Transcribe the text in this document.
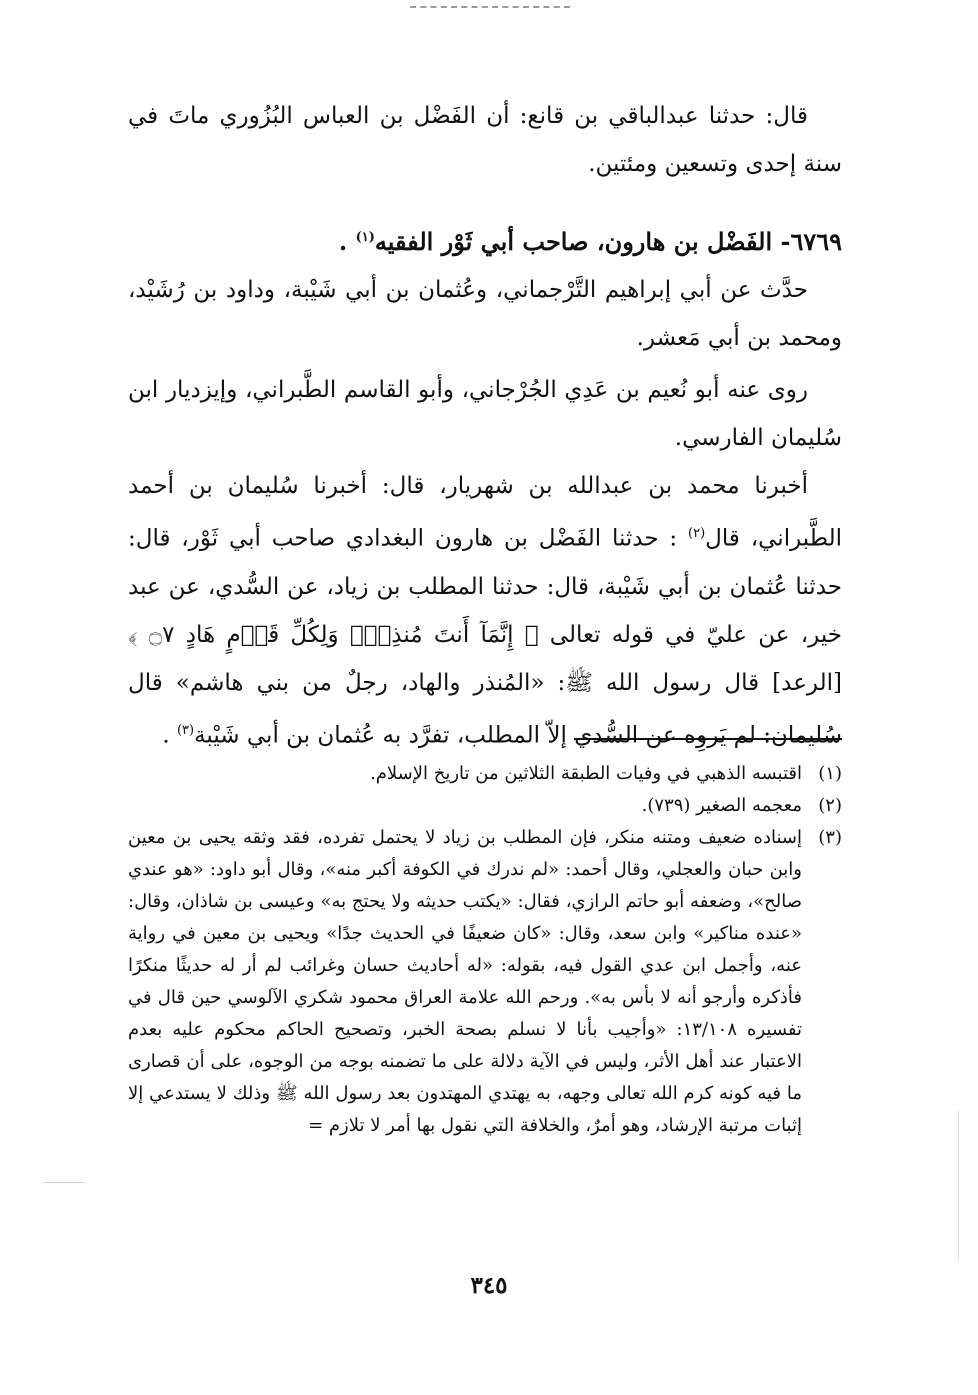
قال: حدثنا عبدالباقي بن قانع: أن الفَضْل بن العباس البُزُوري ماتَ في سنة إحدى وتسعين ومئتين.

٦٧٦٩- الفَضْل بن هارون، صاحب أبي ثَوْر الفقيه$^{(١)}$ .

حدَّث عن أبي إبراهيم التَّرْجماني، وعُثمان بن أبي شَيْبة، وداود بن رُشَيْد، ومحمد بن أبي مَعشر.

روى عنه أبو نُعيم بن عَدِي الجُرْجاني، وأبو القاسم الطَّبراني، وإيزديار ابن سُليمان الفارسي.

أخبرنا محمد بن عبدالله بن شهريار، قال: أخبرنا سُليمان بن أحمد الطَّبراني، قال$^{(٢)}$ : حدثنا الفَضْل بن هارون البغدادي صاحب أبي ثَوْر، قال: حدثنا عُثمان بن أبي شَيْبة، قال: حدثنا المطلب بن زياد، عن السُّدي، عن عبد خير، عن عليّ في قوله تعالى ﴿ إِنَّمَآ أَنتَ مُنذِرٌۖ وَلِكُلِّ قَوۡمٍ هَادٍ ۝٧ ﴾ [الرعد] قال رسول الله ﷺ: «المُنذر والهاد، رجلٌ من بني هاشم» قال سُليمان: لم يَروِه عن السُّدي إلاّ المطلب، تفرَّد به عُثمان بن أبي شَيْبة$^{(٣)}$ .

(١)
اقتبسه الذهبي في وفيات الطبقة الثلاثين من تاريخ الإسلام.
(٢)
معجمه الصغير (٧٣٩).
(٣)
إسناده ضعيف ومتنه منكر، فإن المطلب بن زياد لا يحتمل تفرده، فقد وثقه يحيى بن معين وابن حبان والعجلي، وقال أحمد: «لم ندرك في الكوفة أكبر منه»، وقال أبو داود: «هو عندي صالح»، وضعفه أبو حاتم الرازي، فقال: «يكتب حديثه ولا يحتج به» وعيسى بن شاذان، وقال: «عنده مناكير» وابن سعد، وقال: «كان ضعيفًا في الحديث جدًا» ويحيى بن معين في رواية عنه، وأجمل ابن عدي القول فيه، بقوله: «له أحاديث حسان وغرائب لم أر له حديثًا منكرًا فأذكره وأرجو أنه لا بأس به». ورحم الله علامة العراق محمود شكري الآلوسي حين قال في تفسيره ١٣/١٠٨: «وأجيب بأنا لا نسلم بصحة الخبر، وتصحيح الحاكم محكوم عليه بعدم الاعتبار عند أهل الأثر، وليس في الآية دلالة على ما تضمنه بوجه من الوجوه، على أن قصارى ما فيه كونه كرم الله تعالى وجهه، به يهتدي المهتدون بعد رسول الله ﷺ وذلك لا يستدعي إلا إثبات مرتبة الإرشاد، وهو أمرٌ، والخلافة التي نقول بها أمر لا تلازم =
٣٤٥
